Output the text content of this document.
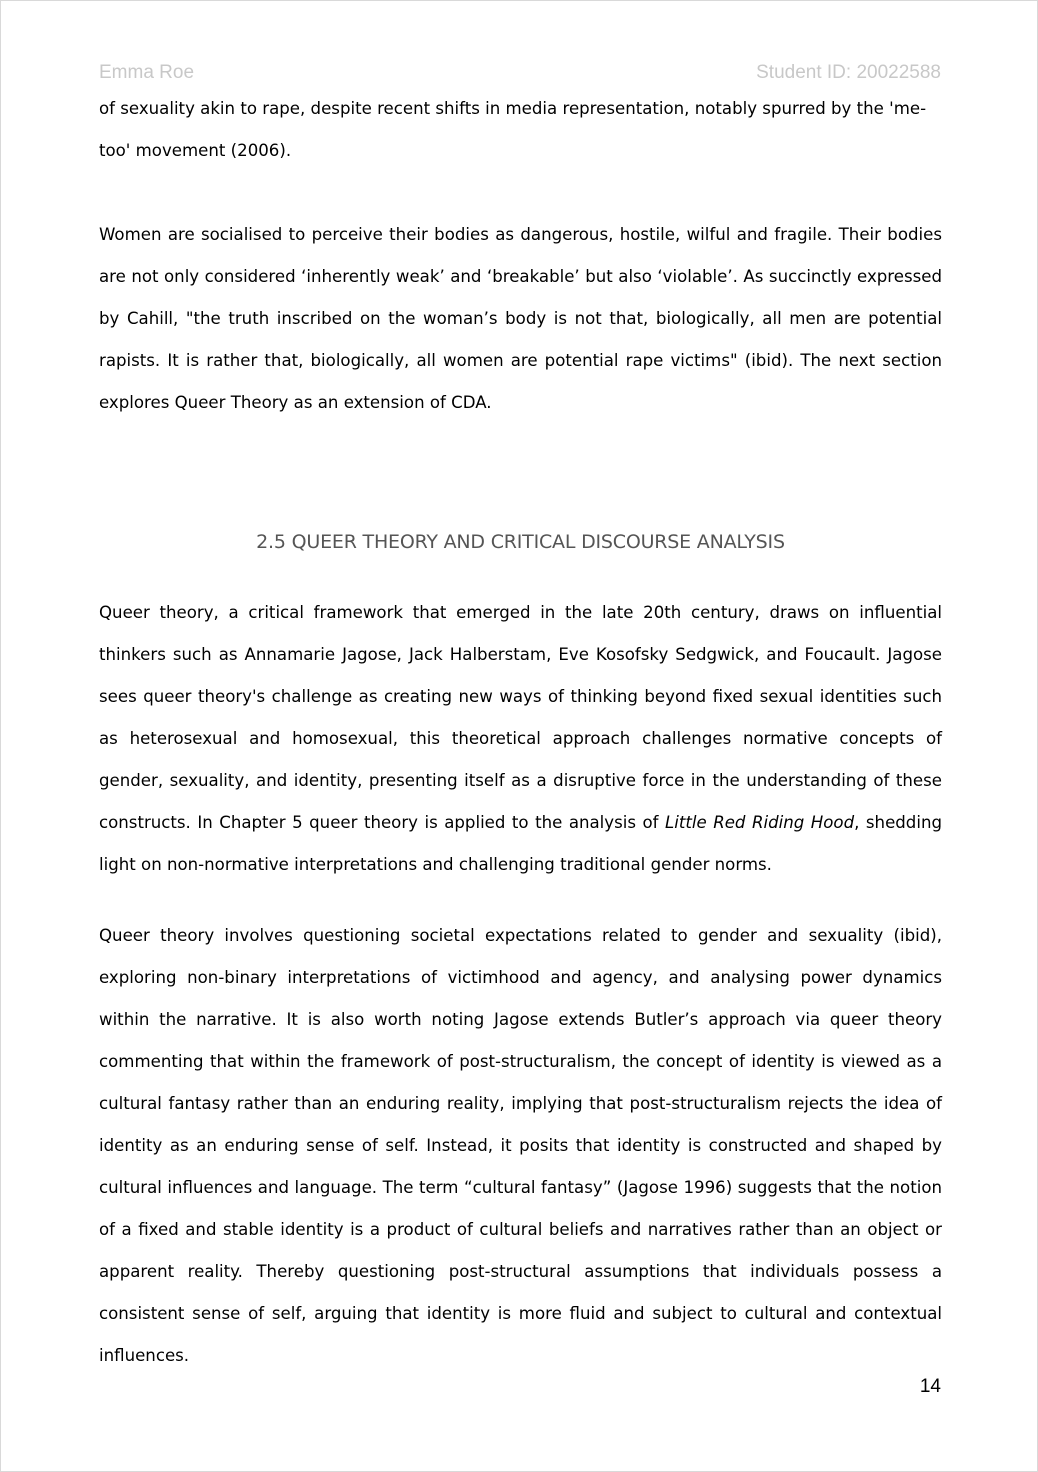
Emma Roe	Student ID: 20022588

of sexuality akin to rape, despite recent shifts in media representation, notably spurred by the 'me-too' movement (2006).

Women are socialised to perceive their bodies as dangerous, hostile, wilful and fragile. Their bodies are not only considered ‘inherently weak’ and ‘breakable’ but also ‘violable’. As succinctly expressed by Cahill, "the truth inscribed on the woman’s body is not that, biologically, all men are potential rapists. It is rather that, biologically, all women are potential rape victims" (ibid). The next section explores Queer Theory as an extension of CDA.

2.5 QUEER THEORY AND CRITICAL DISCOURSE ANALYSIS

Queer theory, a critical framework that emerged in the late 20th century, draws on influential thinkers such as Annamarie Jagose, Jack Halberstam, Eve Kosofsky Sedgwick, and Foucault. Jagose sees queer theory's challenge as creating new ways of thinking beyond fixed sexual identities such as heterosexual and homosexual, this theoretical approach challenges normative concepts of gender, sexuality, and identity, presenting itself as a disruptive force in the understanding of these constructs. In Chapter 5 queer theory is applied to the analysis of Little Red Riding Hood, shedding light on non-normative interpretations and challenging traditional gender norms.

Queer theory involves questioning societal expectations related to gender and sexuality (ibid), exploring non-binary interpretations of victimhood and agency, and analysing power dynamics within the narrative. It is also worth noting Jagose extends Butler’s approach via queer theory commenting that within the framework of post-structuralism, the concept of identity is viewed as a cultural fantasy rather than an enduring reality, implying that post-structuralism rejects the idea of identity as an enduring sense of self. Instead, it posits that identity is constructed and shaped by cultural influences and language. The term “cultural fantasy” (Jagose 1996) suggests that the notion of a fixed and stable identity is a product of cultural beliefs and narratives rather than an object or apparent reality. Thereby questioning post-structural assumptions that individuals possess a consistent sense of self, arguing that identity is more fluid and subject to cultural and contextual influences.

14
